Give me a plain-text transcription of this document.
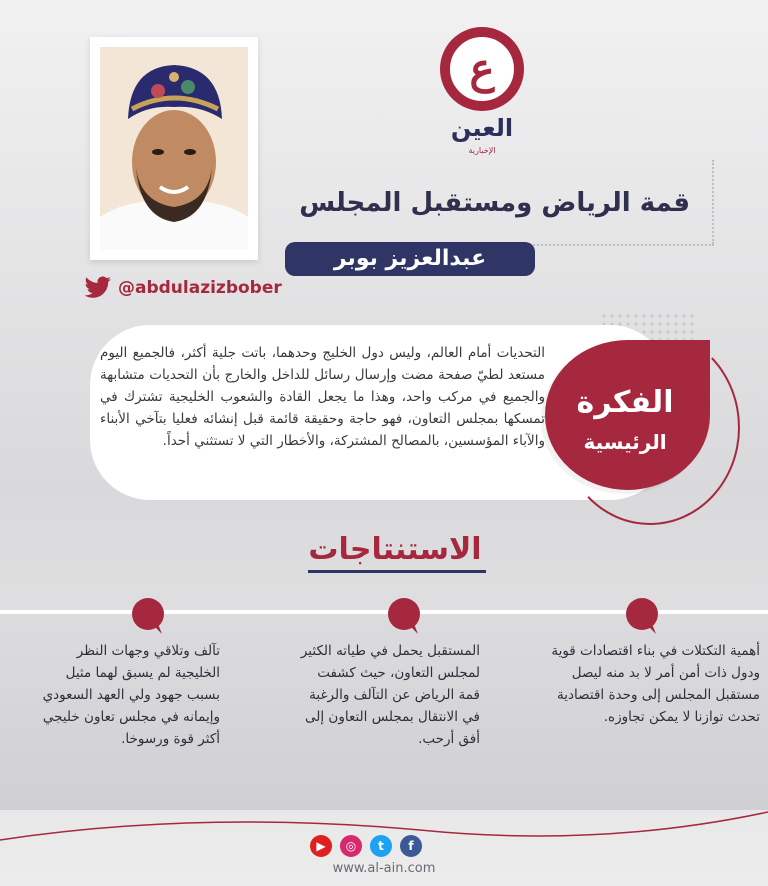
ع
العين
الإخبارية
قمة الرياض ومستقبل المجلس
عبدالعزيز بوبر
@abdulazizbober
التحديات أمام العالم، وليس دول الخليج وحدهما، باتت جلية أكثر، فالجميع اليوم مستعد لطيّ صفحة مضت وإرسال رسائل للداخل والخارج بأن التحديات متشابهة والجميع في مركب واحد، وهذا ما يجعل القادة والشعوب الخليجية تشترك في تمسكها بمجلس التعاون، فهو حاجة وحقيقة قائمة قبل إنشائه فعليا بتآخي الأبناء والآباء المؤسسين، بالمصالح المشتركة، والأخطار التي لا تستثني أحداً.
الفكرة
الرئيسية
الاستنتاجات
أهمية التكتلات في بناء اقتصادات قوية ودول ذات أمن أمر لا بد منه ليصل مستقبل المجلس إلى وحدة اقتصادية تحدث توازنا لا يمكن تجاوزه.
المستقبل يحمل في طياته الكثير لمجلس التعاون، حيث كشفت قمة الرياض عن التآلف والرغبة في الانتقال بمجلس التعاون إلى أفق أرحب.
تآلف وتلاقي وجهات النظر الخليجية لم يسبق لهما مثيل بسبب جهود ولي العهد السعودي وإيمانه في مجلس تعاون خليجي أكثر قوة ورسوخا.
▶	◎	t	f
www.al-ain.com
